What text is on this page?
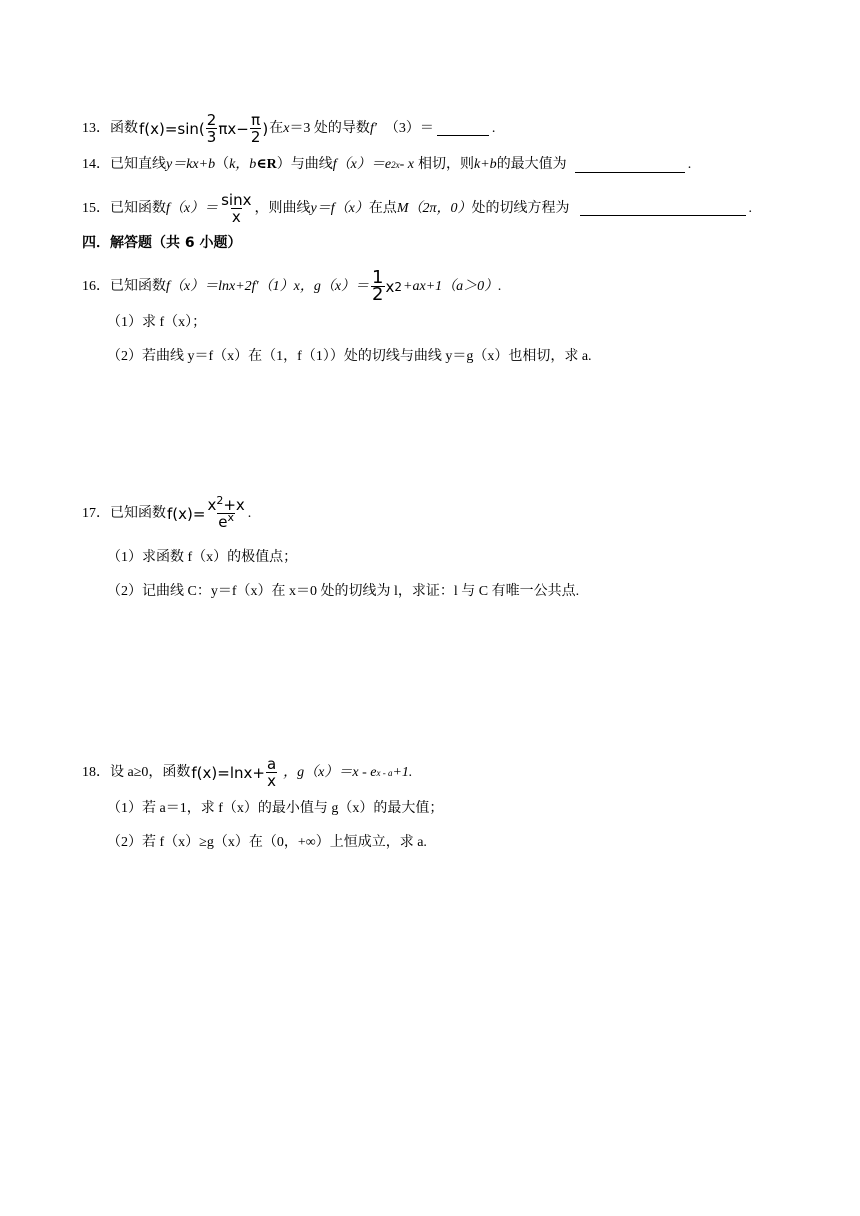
13． 函数 $f(x)=\sin( \frac{2}{3} \pi x- \frac{\pi}{2}$ ) 在 x ＝3 处的导数 f′ （3）＝	.
14． 已知直线 y＝kx+b （ k，b ∈R ）与曲线 f（x）＝ e 2x - x 相切，则 k+b 的最大值为	.
15． 已知函数 $f(x)= \frac{\sin x}{x}$ ，则曲线 y＝f（x） 在点 M（2π，0） 处的切线方程为	.
四．解答题（共 6 小题）
16． 已知函数 f（x）＝lnx+2f′（1）x，$g(x)= \frac{1}{2}$ x 2 +ax+1（a＞0）.
（1）求 f（x）；
（2）若曲线 y＝f（x）在（1，f（1））处的切线与曲线 y＝g（x）也相切，求 a.
17． 已知函数 $f(x)= \frac{x^2+x}{e^x}$ .
（1）求函数 f（x）的极值点；
（2）记曲线 C：y＝f（x）在 x＝0 处的切线为 l，求证：l 与 C 有唯一公共点.
18． 设 a≥0，函数 $f(x)=\ln x+ \frac{a}{x}$ ，g（x）＝x - e x - a +1.
（1）若 a＝1，求 f（x）的最小值与 g（x）的最大值；
（2）若 f（x）≥g（x）在（0，+∞）上恒成立，求 a.
